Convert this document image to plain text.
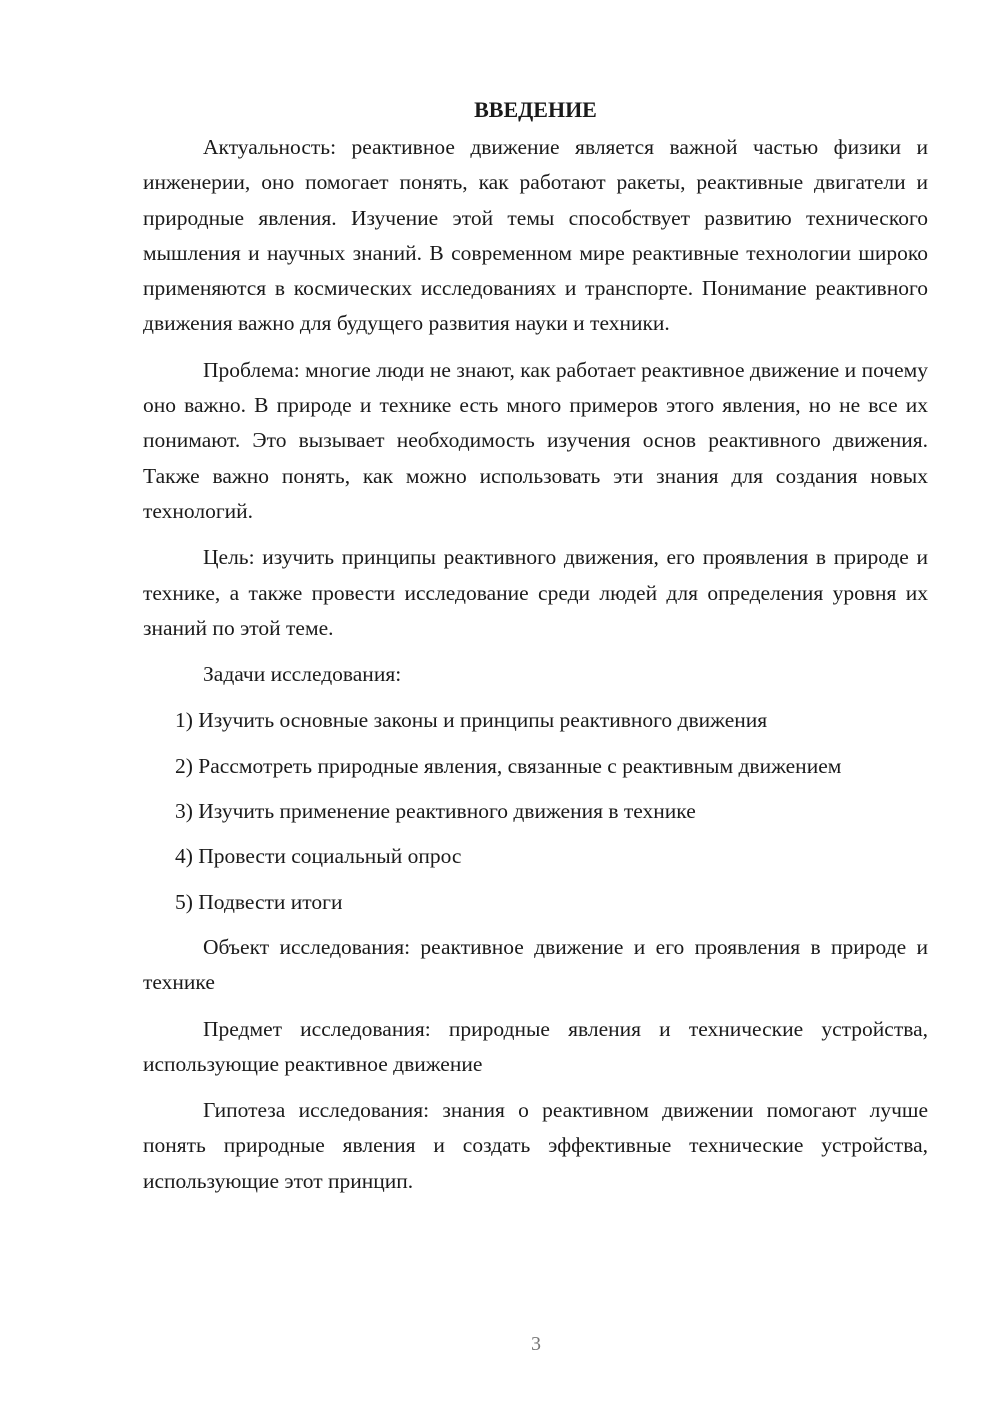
ВВЕДЕНИЕ

Актуальность: реактивное движение является важной частью физики и инженерии, оно помогает понять, как работают ракеты, реактивные двигатели и природные явления. Изучение этой темы способствует развитию технического мышления и научных знаний. В современном мире реактивные технологии широко применяются в космических исследованиях и транспорте. Понимание реактивного движения важно для будущего развития науки и техники.

Проблема: многие люди не знают, как работает реактивное движение и почему оно важно. В природе и технике есть много примеров этого явления, но не все их понимают. Это вызывает необходимость изучения основ реактивного движения. Также важно понять, как можно использовать эти знания для создания новых технологий.

Цель: изучить принципы реактивного движения, его проявления в природе и технике, а также провести исследование среди людей для определения уровня их знаний по этой теме.

Задачи исследования:

1) Изучить основные законы и принципы реактивного движения

2) Рассмотреть природные явления, связанные с реактивным движением

3) Изучить применение реактивного движения в технике

4) Провести социальный опрос

5) Подвести итоги

Объект исследования: реактивное движение и его проявления в природе и технике

Предмет исследования: природные явления и технические устройства, использующие реактивное движение

Гипотеза исследования: знания о реактивном движении помогают лучше понять природные явления и создать эффективные технические устройства, использующие этот принцип.

3
